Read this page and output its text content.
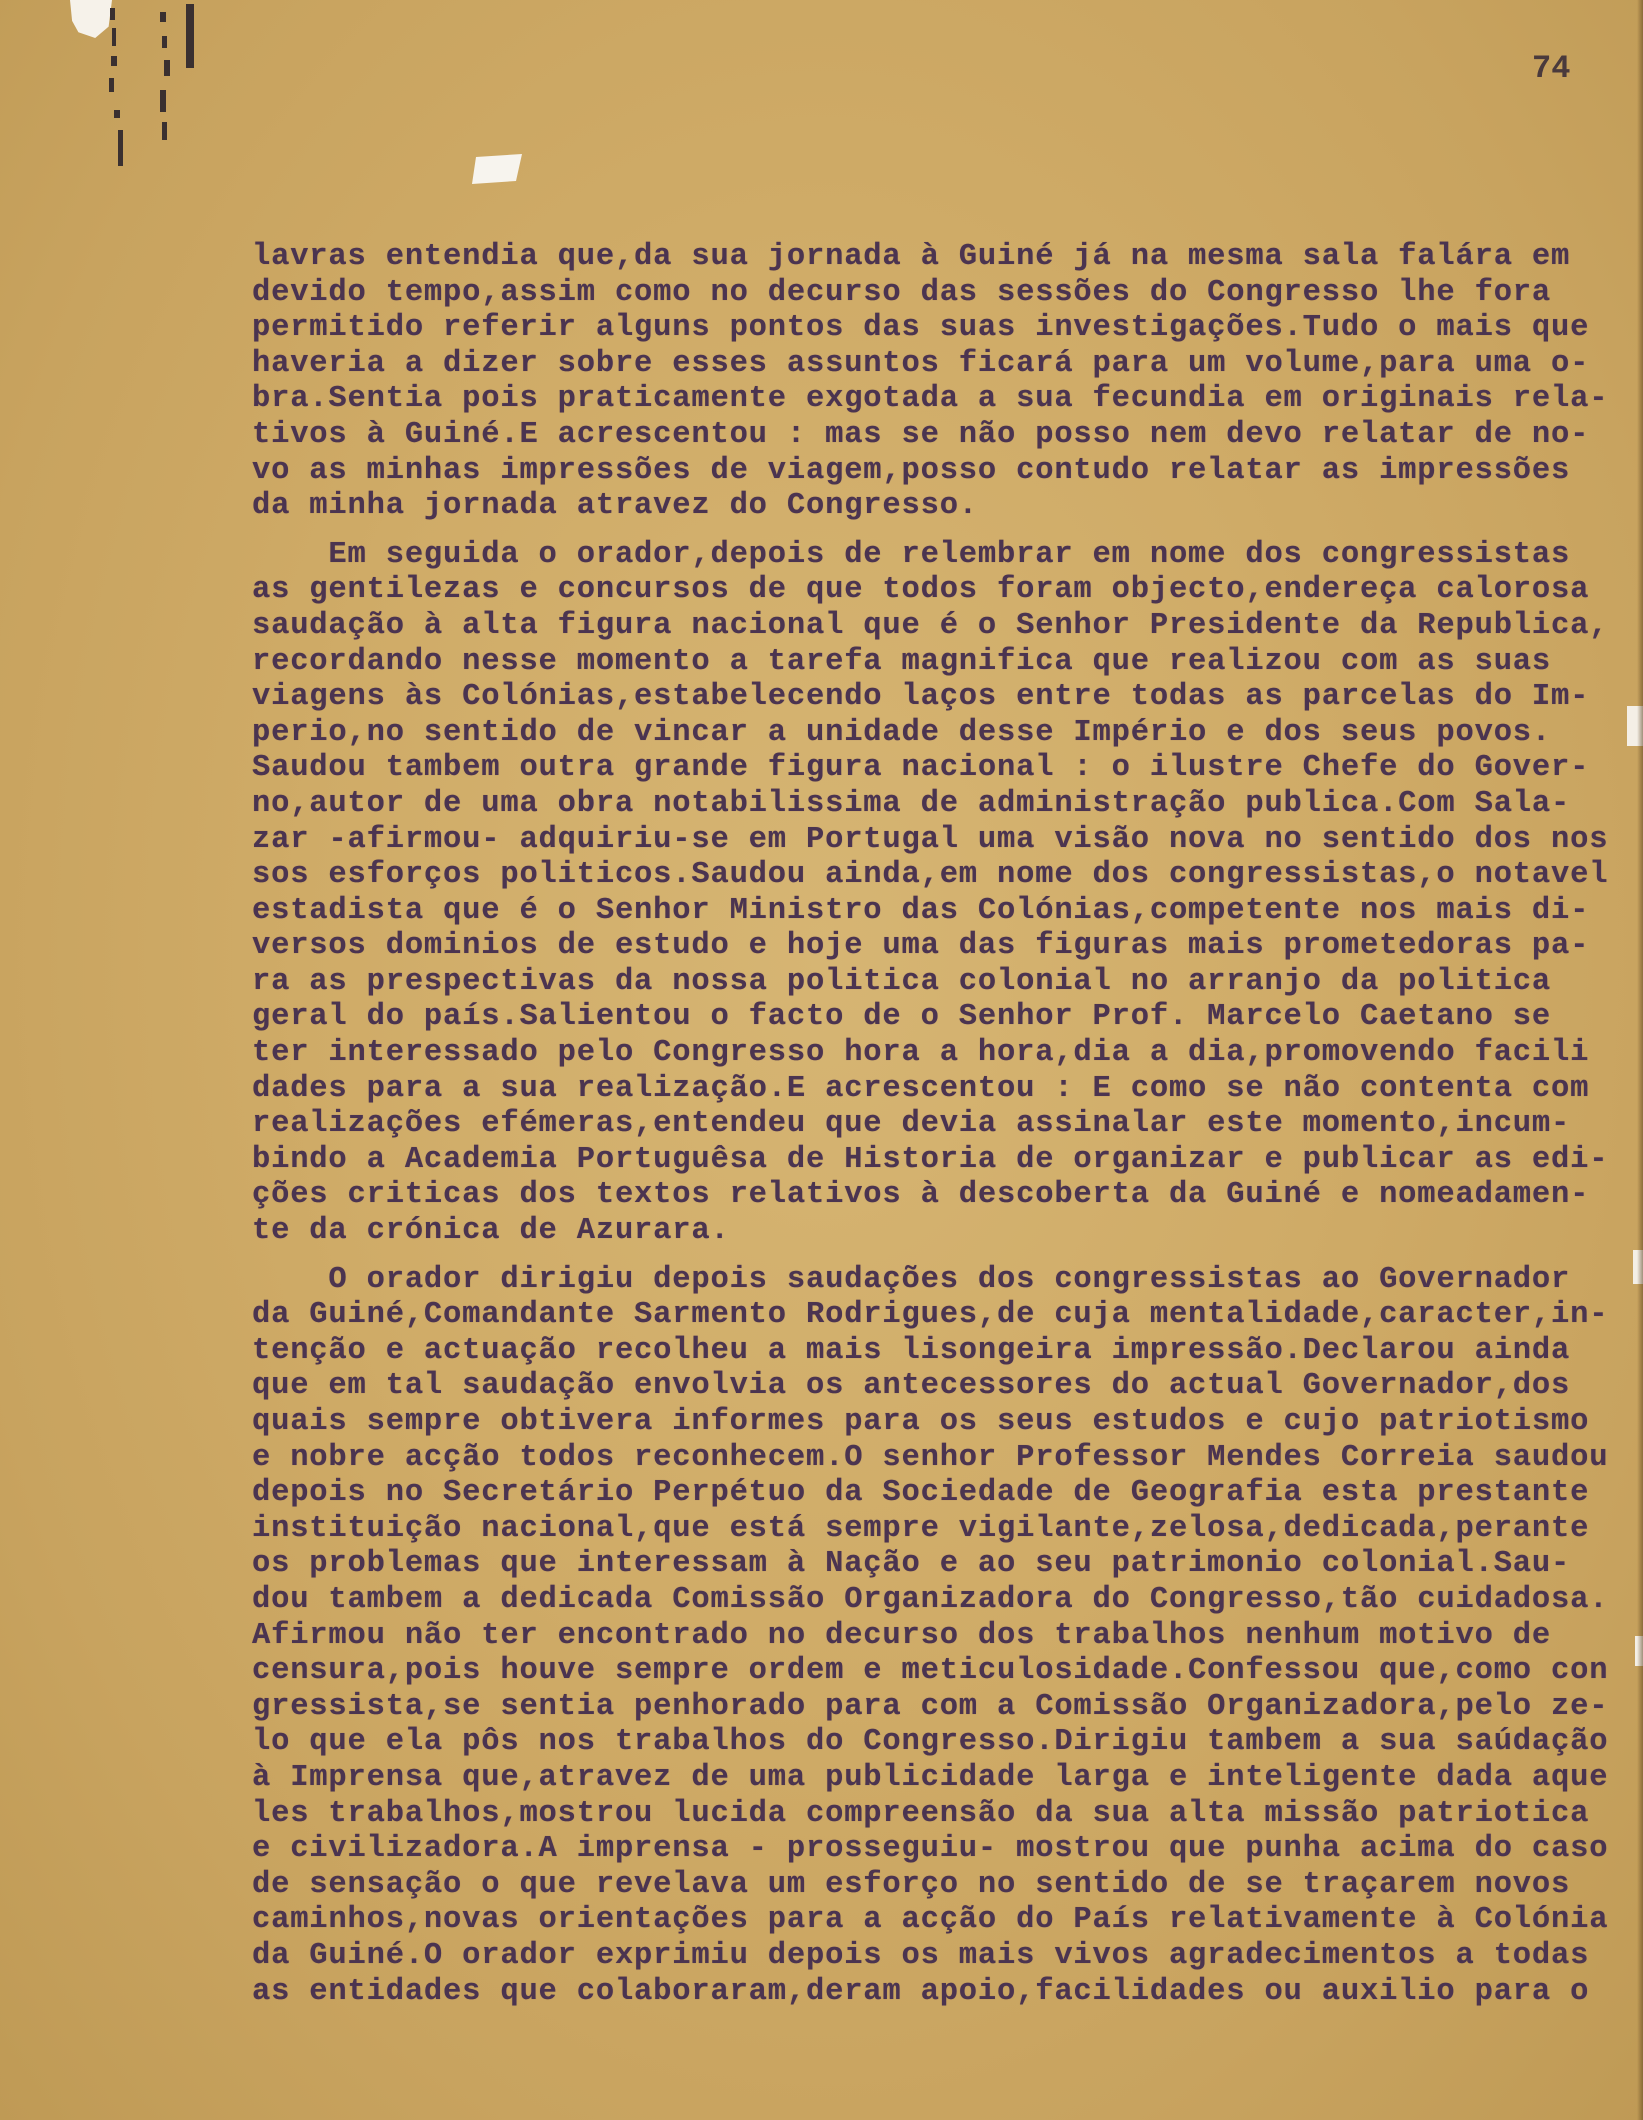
74
lavras entendia que,da sua jornada à Guiné já na mesma sala falára em
devido tempo,assim como no decurso das sessões do Congresso lhe fora
permitido referir alguns pontos das suas investigações.Tudo o mais que
haveria a dizer sobre esses assuntos ficará para um volume,para uma o-
bra.Sentia pois praticamente exgotada a sua fecundia em originais rela-
tivos à Guiné.E acrescentou : mas se não posso nem devo relatar de no-
vo as minhas impressões de viagem,posso contudo relatar as impressões
da minha jornada atravez do Congresso.
Em seguida o orador,depois de relembrar em nome dos congressistas
as gentilezas e concursos de que todos foram objecto,endereça calorosa
saudação à alta figura nacional que é o Senhor Presidente da Republica,
recordando nesse momento a tarefa magnifica que realizou com as suas
viagens às Colónias,estabelecendo laços entre todas as parcelas do Im-
perio,no sentido de vincar a unidade desse Império e dos seus povos.
Saudou tambem outra grande figura nacional : o ilustre Chefe do Gover-
no,autor de uma obra notabilissima de administração publica.Com Sala-
zar -afirmou- adquiriu-se em Portugal uma visão nova no sentido dos nos
sos esforços politicos.Saudou ainda,em nome dos congressistas,o notavel
estadista que é o Senhor Ministro das Colónias,competente nos mais di-
versos dominios de estudo e hoje uma das figuras mais prometedoras pa-
ra as prespectivas da nossa politica colonial no arranjo da politica
geral do país.Salientou o facto de o Senhor Prof. Marcelo Caetano se
ter interessado pelo Congresso hora a hora,dia a dia,promovendo facili
dades para a sua realização.E acrescentou : E como se não contenta com
realizações efémeras,entendeu que devia assinalar este momento,incum-
bindo a Academia Portuguêsa de Historia de organizar e publicar as edi-
ções criticas dos textos relativos à descoberta da Guiné e nomeadamen-
te da crónica de Azurara.
O orador dirigiu depois saudações dos congressistas ao Governador
da Guiné,Comandante Sarmento Rodrigues,de cuja mentalidade,caracter,in-
tenção e actuação recolheu a mais lisongeira impressão.Declarou ainda
que em tal saudação envolvia os antecessores do actual Governador,dos
quais sempre obtivera informes para os seus estudos e cujo patriotismo
e nobre acção todos reconhecem.O senhor Professor Mendes Correia saudou
depois no Secretário Perpétuo da Sociedade de Geografia esta prestante
instituição nacional,que está sempre vigilante,zelosa,dedicada,perante
os problemas que interessam à Nação e ao seu patrimonio colonial.Sau-
dou tambem a dedicada Comissão Organizadora do Congresso,tão cuidadosa.
Afirmou não ter encontrado no decurso dos trabalhos nenhum motivo de
censura,pois houve sempre ordem e meticulosidade.Confessou que,como con
gressista,se sentia penhorado para com a Comissão Organizadora,pelo ze-
lo que ela pôs nos trabalhos do Congresso.Dirigiu tambem a sua saúdação
à Imprensa que,atravez de uma publicidade larga e inteligente dada aque
les trabalhos,mostrou lucida compreensão da sua alta missão patriotica
e civilizadora.A imprensa - prosseguiu- mostrou que punha acima do caso
de sensação o que revelava um esforço no sentido de se traçarem novos
caminhos,novas orientações para a acção do País relativamente à Colónia
da Guiné.O orador exprimiu depois os mais vivos agradecimentos a todas
as entidades que colaboraram,deram apoio,facilidades ou auxilio para o
